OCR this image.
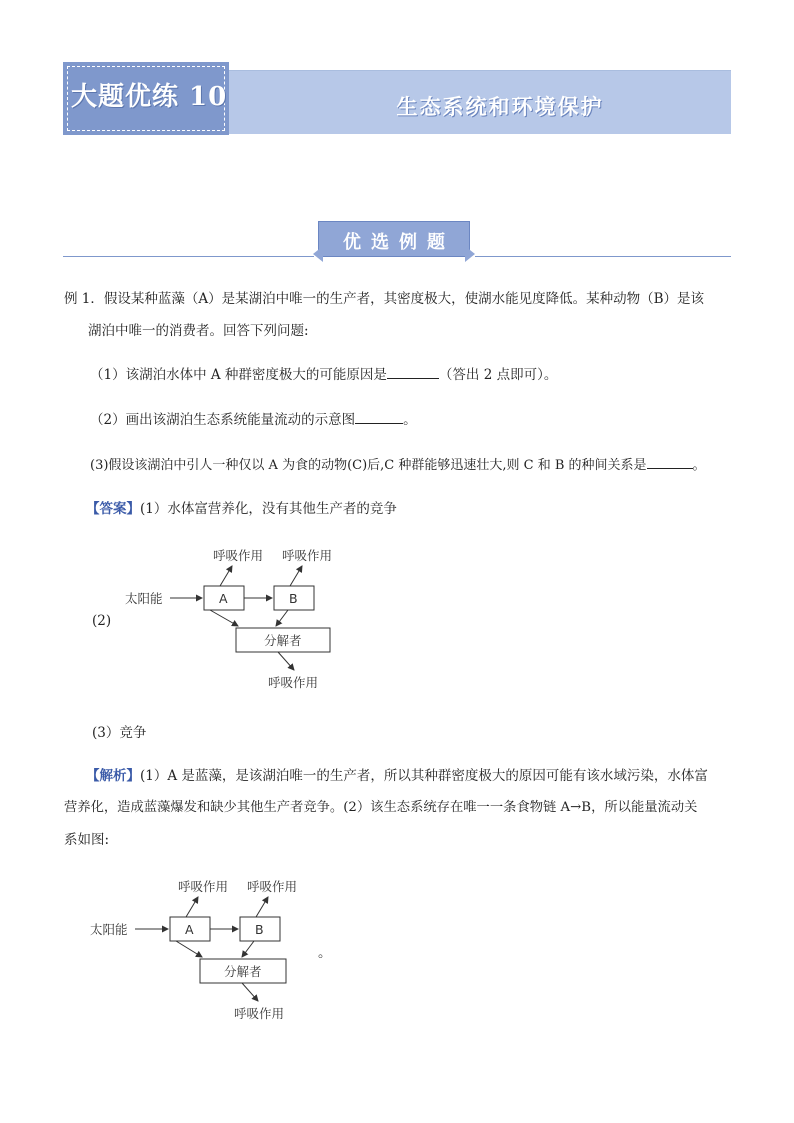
生态系统和环境保护
大题优练 10
优选例题
例 1．假设某种蓝藻（A）是某湖泊中唯一的生产者，其密度极大，使湖水能见度降低。某种动物（B）是该
湖泊中唯一的消费者。回答下列问题:
（1）该湖泊水体中 A 种群密度极大的可能原因是	（答出 2 点即可）。
（2）画出该湖泊生态系统能量流动的示意图	。
(3)假设该湖泊中引人一种仅以 A 为食的动物(C)后,C 种群能够迅速壮大,则 C 和 B 的种间关系是	。
【答案】(1）水体富营养化，没有其他生产者的竞争
(2)
呼吸作用 呼吸作用
太阳能	A	B
分解者
呼吸作用
(3）竞争
【解析】(1）A 是蓝藻，是该湖泊唯一的生产者，所以其种群密度极大的原因可能有该水域污染，水体富
营养化，造成蓝藻爆发和缺少其他生产者竞争。(2）该生态系统存在唯一一条食物链 A→B，所以能量流动关
系如图:
呼吸作用 呼吸作用
太阳能	A	B
分解者
呼吸作用
。
